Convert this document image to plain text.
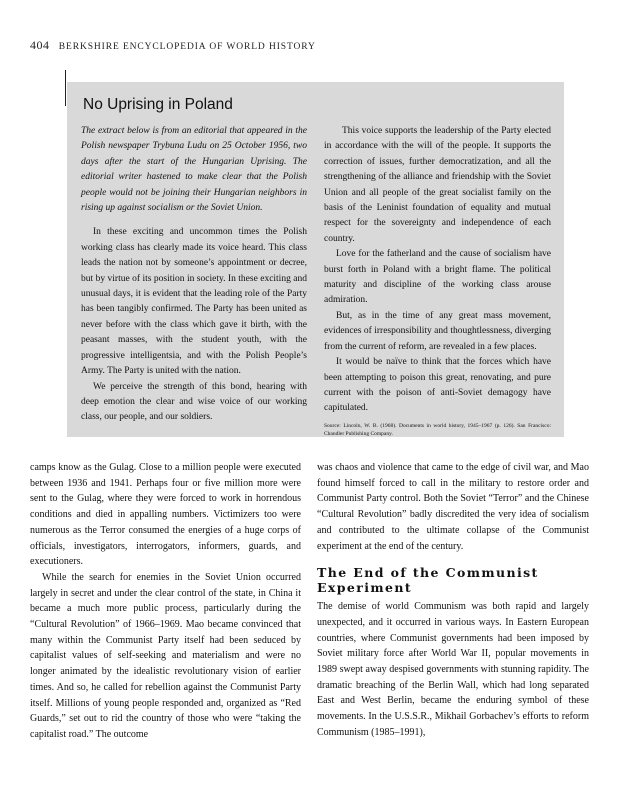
404 BERKSHIRE ENCYCLOPEDIA OF WORLD HISTORY
No Uprising in Poland

The extract below is from an editorial that appeared in the Polish newspaper Trybuna Ludu on 25 October 1956, two days after the start of the Hungarian Uprising. The editorial writer hastened to make clear that the Polish people would not be joining their Hungarian neighbors in rising up against socialism or the Soviet Union.

In these exciting and uncommon times the Polish working class has clearly made its voice heard. This class leads the nation not by someone’s appointment or decree, but by virtue of its position in society. In these exciting and unusual days, it is evident that the leading role of the Party has been tangibly confirmed. The Party has been united as never before with the class which gave it birth, with the peasant masses, with the student youth, with the progressive intelligentsia, and with the Polish People’s Army. The Party is united with the nation.

We perceive the strength of this bond, hearing with deep emotion the clear and wise voice of our working class, our people, and our soldiers.

This voice supports the leadership of the Party elected in accordance with the will of the people. It supports the correction of issues, further democratization, and all the strengthening of the alliance and friendship with the Soviet Union and all people of the great socialist family on the basis of the Leninist foundation of equality and mutual respect for the sovereignty and independence of each country.

Love for the fatherland and the cause of socialism have burst forth in Poland with a bright flame. The political maturity and discipline of the working class arouse admiration.

But, as in the time of any great mass movement, evidences of irresponsibility and thoughtlessness, diverging from the current of reform, are revealed in a few places.

It would be naïve to think that the forces which have been attempting to poison this great, renovating, and pure current with the poison of anti-Soviet demagogy have capitulated.

Source: Lincoln, W. B. (1968). Documents in world history, 1945–1967 (p. 126). San Francisco: Chandler Publishing Company.

camps know as the Gulag. Close to a million people were executed between 1936 and 1941. Perhaps four or five million more were sent to the Gulag, where they were forced to work in horrendous conditions and died in appalling numbers. Victimizers too were numerous as the Terror consumed the energies of a huge corps of officials, investigators, interrogators, informers, guards, and executioners.

While the search for enemies in the Soviet Union occurred largely in secret and under the clear control of the state, in China it became a much more public process, particularly during the “Cultural Revolution” of 1966–1969. Mao became convinced that many within the Communist Party itself had been seduced by capitalist values of self-seeking and materialism and were no longer animated by the idealistic revolutionary vision of earlier times. And so, he called for rebellion against the Communist Party itself. Millions of young people responded and, organized as “Red Guards,” set out to rid the country of those who were “taking the capitalist road.” The outcome

was chaos and violence that came to the edge of civil war, and Mao found himself forced to call in the military to restore order and Communist Party control. Both the Soviet “Terror” and the Chinese “Cultural Revolution” badly discredited the very idea of socialism and contributed to the ultimate collapse of the Communist experiment at the end of the century.

The End of the Communist Experiment

The demise of world Communism was both rapid and largely unexpected, and it occurred in various ways. In Eastern European countries, where Communist governments had been imposed by Soviet military force after World War II, popular movements in 1989 swept away despised governments with stunning rapidity. The dramatic breaching of the Berlin Wall, which had long separated East and West Berlin, became the enduring symbol of these movements. In the U.S.S.R., Mikhail Gorbachev’s efforts to reform Communism (1985–1991),
